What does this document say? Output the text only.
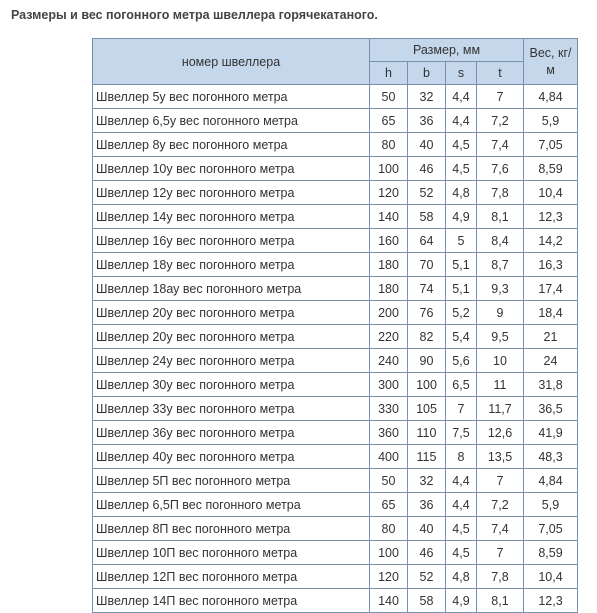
Размеры и вес погонного метра швеллера горячекатаного.
номер швеллера	Размер, мм				Вес, кг/
м
	h	b	s	t	
Швеллер 5у вес погонного метра	50	32	4,4	7	4,84
Швеллер 6,5у вес погонного метра	65	36	4,4	7,2	5,9
Швеллер 8у вес погонного метра	80	40	4,5	7,4	7,05
Швеллер 10у вес погонного метра	100	46	4,5	7,6	8,59
Швеллер 12у вес погонного метра	120	52	4,8	7,8	10,4
Швеллер 14у вес погонного метра	140	58	4,9	8,1	12,3
Швеллер 16у вес погонного метра	160	64	5	8,4	14,2
Швеллер 18у вес погонного метра	180	70	5,1	8,7	16,3
Швеллер 18ау вес погонного метра	180	74	5,1	9,3	17,4
Швеллер 20у вес погонного метра	200	76	5,2	9	18,4
Швеллер 20у вес погонного метра	220	82	5,4	9,5	21
Швеллер 24у вес погонного метра	240	90	5,6	10	24
Швеллер 30у вес погонного метра	300	100	6,5	11	31,8
Швеллер 33у вес погонного метра	330	105	7	11,7	36,5
Швеллер 36у вес погонного метра	360	110	7,5	12,6	41,9
Швеллер 40у вес погонного метра	400	115	8	13,5	48,3
Швеллер 5П вес погонного метра	50	32	4,4	7	4,84
Швеллер 6,5П вес погонного метра	65	36	4,4	7,2	5,9
Швеллер 8П вес погонного метра	80	40	4,5	7,4	7,05
Швеллер 10П вес погонного метра	100	46	4,5	7	8,59
Швеллер 12П вес погонного метра	120	52	4,8	7,8	10,4
Швеллер 14П вес погонного метра	140	58	4,9	8,1	12,3
